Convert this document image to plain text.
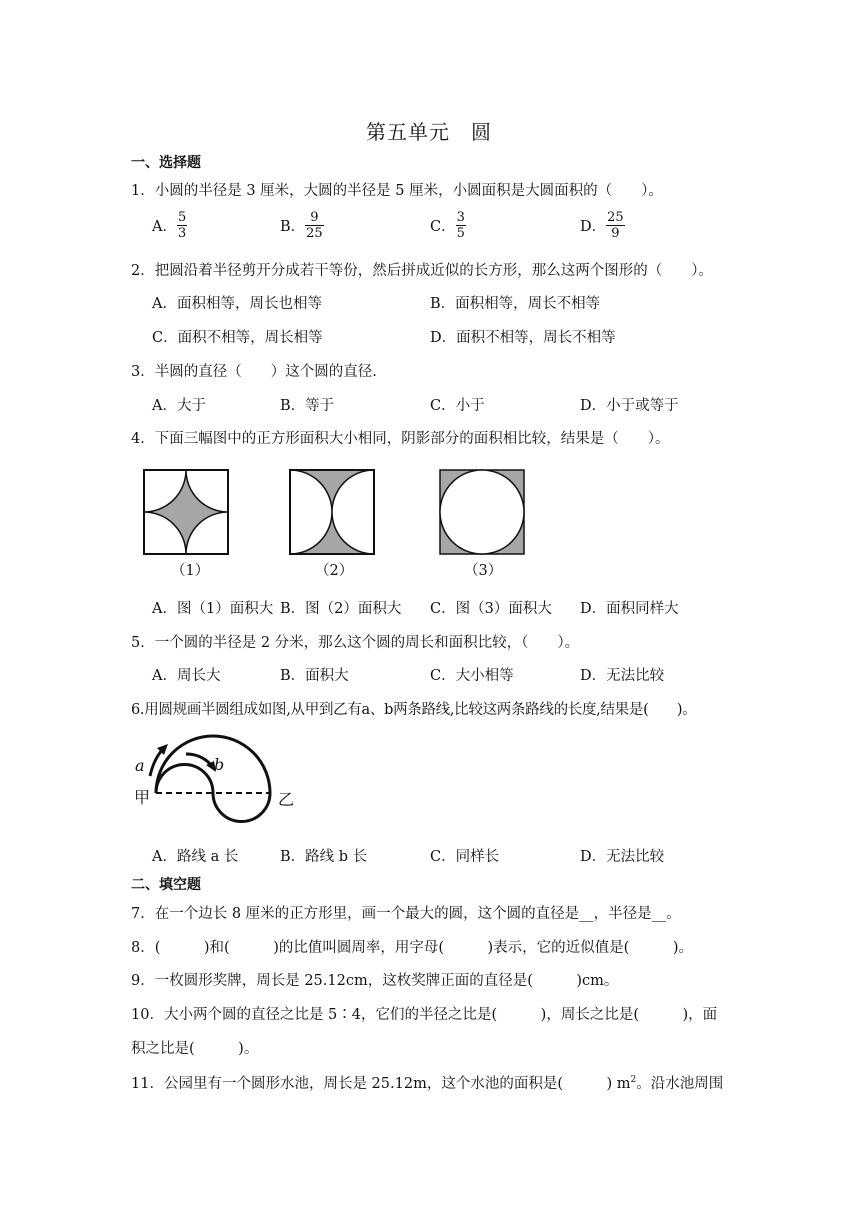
第五单元　圆
一、选择题
1．小圆的半径是 3 厘米，大圆的半径是 5 厘米，小圆面积是大圆面积的（　　）。
A． $\frac{5}{3}$	B． $\frac{9}{25}$	C． $\frac{3}{5}$	D． $\frac{25}{9}$
2．把圆沿着半径剪开分成若干等份，然后拼成近似的长方形，那么这两个图形的（　　）。
A．面积相等，周长也相等	B．面积相等，周长不相等
C．面积不相等，周长相等	D．面积不相等，周长不相等
3．半圆的直径（　　）这个圆的直径.
A．大于	B．等于	C．小于	D．小于或等于
4．下面三幅图中的正方形面积大小相同，阴影部分的面积相比较，结果是（　　）。
（1）	（2）	（3）
A．图（1）面积大 B．图（2）面积大 C．图（3）面积大 D．面积同样大
5．一个圆的半径是 2 分米，那么这个圆的周长和面积比较，（　　）。
A．周长大	B．面积大	C．大小相等	D．无法比较
6.用圆规画半圆组成如图,从甲到乙有a、b两条路线,比较这两条路线的长度,结果是(　　)。
a	b
甲	乙
A．路线 a 长	B．路线 b 长	C．同样长	D．无法比较
二、填空题
7．在一个边长 8 厘米的正方形里，画一个最大的圆，这个圆的直径是__，半径是__。
8．(　　　)和(　　　)的比值叫圆周率，用字母(　　　)表示，它的近似值是(　　　)。
9．一枚圆形奖牌，周长是 25.12cm，这枚奖牌正面的直径是(　　　)cm。
10．大小两个圆的直径之比是 5∶4，它们的半径之比是(　　　)，周长之比是(　　　)，面
积之比是(　　　)。
11．公园里有一个圆形水池，周长是 25.12m，这个水池的面积是(　　　) $m^2$。沿水池周围
